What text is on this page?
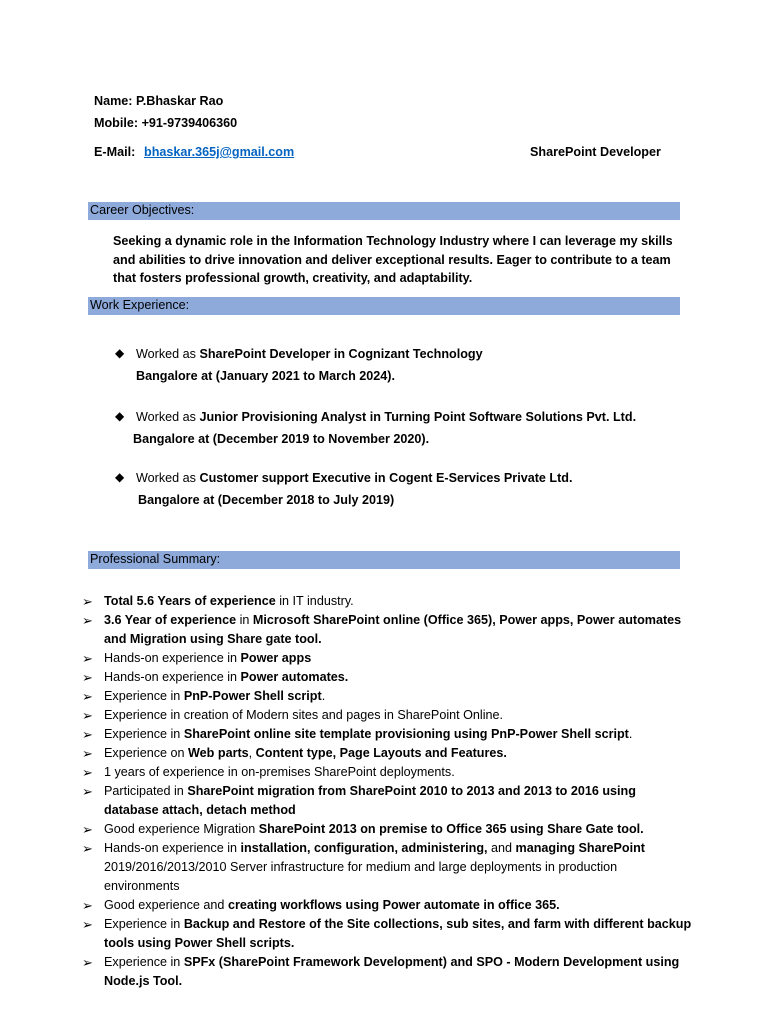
Name: P.Bhaskar Rao
Mobile: +91-9739406360
E-Mail: bhaskar.365j@gmail.com	SharePoint Developer
Career Objectives:
Seeking a dynamic role in the Information Technology Industry where I can leverage my skills and abilities to drive innovation and deliver exceptional results. Eager to contribute to a team that fosters professional growth, creativity, and adaptability.
Work Experience:
◆ Worked as SharePoint Developer in Cognizant Technology
Bangalore at (January 2021 to March 2024).
◆ Worked as Junior Provisioning Analyst in Turning Point Software Solutions Pvt. Ltd.
Bangalore at (December 2019 to November 2020).
◆ Worked as Customer support Executive in Cogent E-Services Private Ltd.
Bangalore at (December 2018 to July 2019)
Professional Summary:
➢ Total 5.6 Years of experience in IT industry.
➢ 3.6 Year of experience in Microsoft SharePoint online (Office 365), Power apps, Power automates and Migration using Share gate tool.
➢ Hands-on experience in Power apps
➢ Hands-on experience in Power automates.
➢ Experience in PnP-Power Shell script.
➢ Experience in creation of Modern sites and pages in SharePoint Online.
➢ Experience in SharePoint online site template provisioning using PnP-Power Shell script.
➢ Experience on Web parts, Content type, Page Layouts and Features.
➢ 1 years of experience in on-premises SharePoint deployments.
➢ Participated in SharePoint migration from SharePoint 2010 to 2013 and 2013 to 2016 using database attach, detach method
➢ Good experience Migration SharePoint 2013 on premise to Office 365 using Share Gate tool.
➢ Hands-on experience in installation, configuration, administering, and managing SharePoint 2019/2016/2013/2010 Server infrastructure for medium and large deployments in production environments
➢ Good experience and creating workflows using Power automate in office 365.
➢ Experience in Backup and Restore of the Site collections, sub sites, and farm with different backup tools using Power Shell scripts.
➢ Experience in SPFx (SharePoint Framework Development) and SPO - Modern Development using Node.js Tool.
